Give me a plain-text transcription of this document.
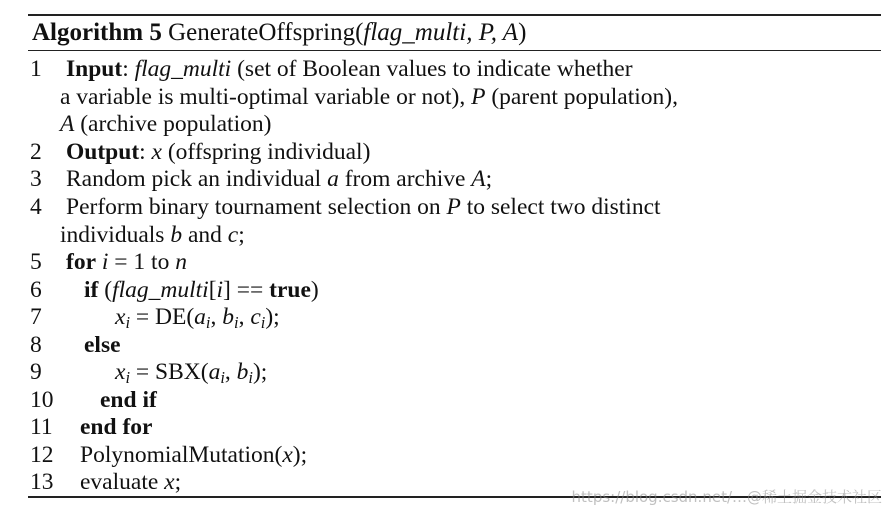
Algorithm 5 GenerateOffspring(flag_multi, P, A)
1 Input: flag_multi (set of Boolean values to indicate whether
a variable is multi-optimal variable or not), P (parent population),
A (archive population)
2 Output: x (offspring individual)
3 Random pick an individual a from archive A;
4 Perform binary tournament selection on P to select two distinct
individuals b and c;
5 for i = 1 to n
6 if (flag_multi[i] == true)
7	$x_i = DE(a_i$, $b_i$, $c_i$);
8 else
9	$x_i = SBX(a_i$, $b_i$);
10 end if
11 end for
12 PolynomialMutation(x);
13 evaluate x;
https://blog.csdn.net/…@稀土掘金技术社区
